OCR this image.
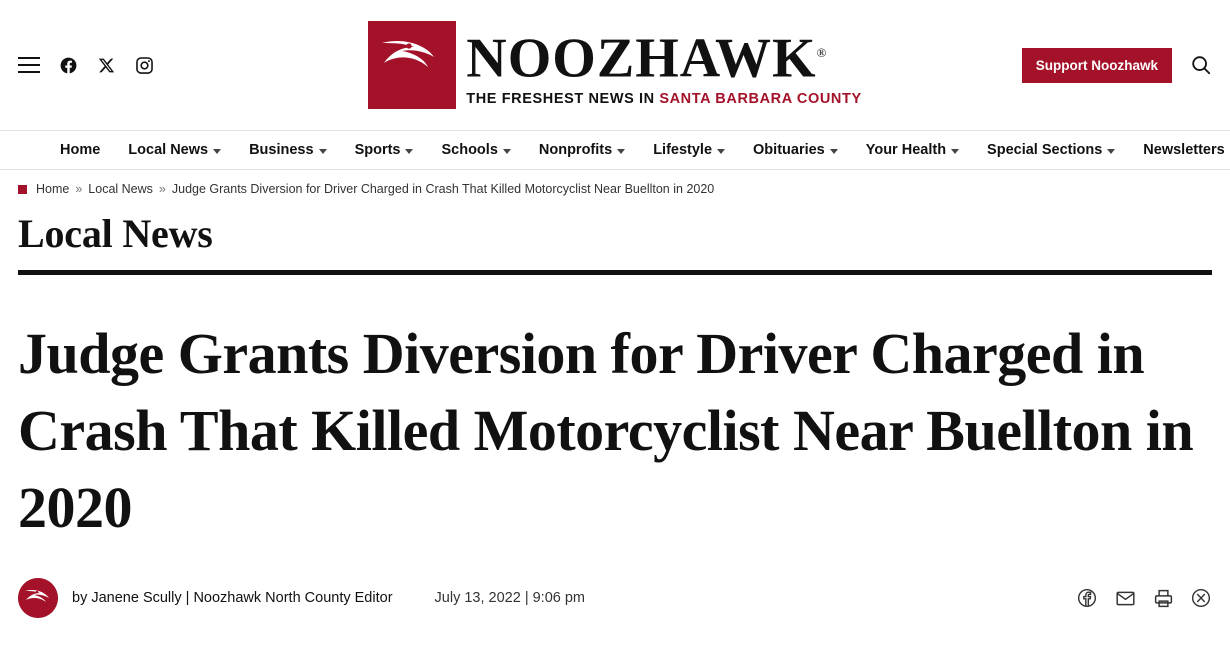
NOOZHAWK®
THE FRESHEST NEWS IN SANTA BARBARA COUNTY
Support Noozhawk
Home Local News	Business	Sports	Schools	Nonprofits	Lifestyle	Obituaries	Your Health	Special Sections	Newsletters
Home » Local News » Judge Grants Diversion for Driver Charged in Crash That Killed Motorcyclist Near Buellton in 2020
Local News
Judge Grants Diversion for Driver Charged in Crash That Killed Motorcyclist Near Buellton in 2020
by Janene Scully | Noozhawk North County Editor	July 13, 2022 | 9:06 pm
